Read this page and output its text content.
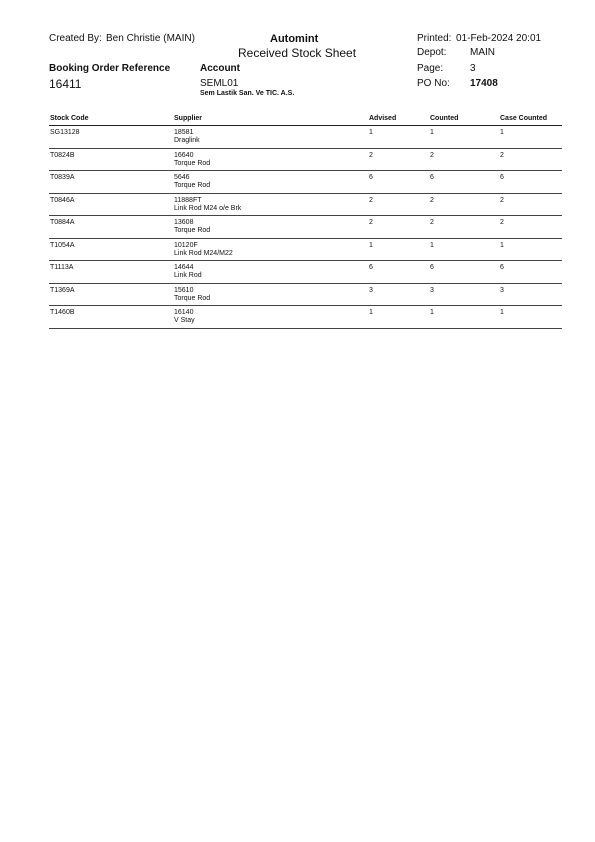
Created By: Ben Christie (MAIN)	Automint
Received Stock Sheet
Printed: 01-Feb-2024 20:01
Depot: MAIN
Booking Order Reference	Account	Page:	3
16411	SEML01	PO No: 17408
Sem Lastik San. Ve TIC. A.S.
Stock Code	Supplier	Advised	Counted	Case Counted
SG13128	18581
Draglink
1	1	1
T0824B	16640
Torque Rod
2	2	2
T0839A	5646
Torque Rod
6	6	6
T0846A	11888FT
Link Rod M24 o/e Brk
2	2	2
T0884A	13608
Torque Rod
2	2	2
T1054A	10120F
Link Rod M24/M22
1	1	1
T1113A	14644
Link Rod
6	6	6
T1369A	15610
Torque Rod
3	3	3
T1460B	16140
V Stay
1	1	1
